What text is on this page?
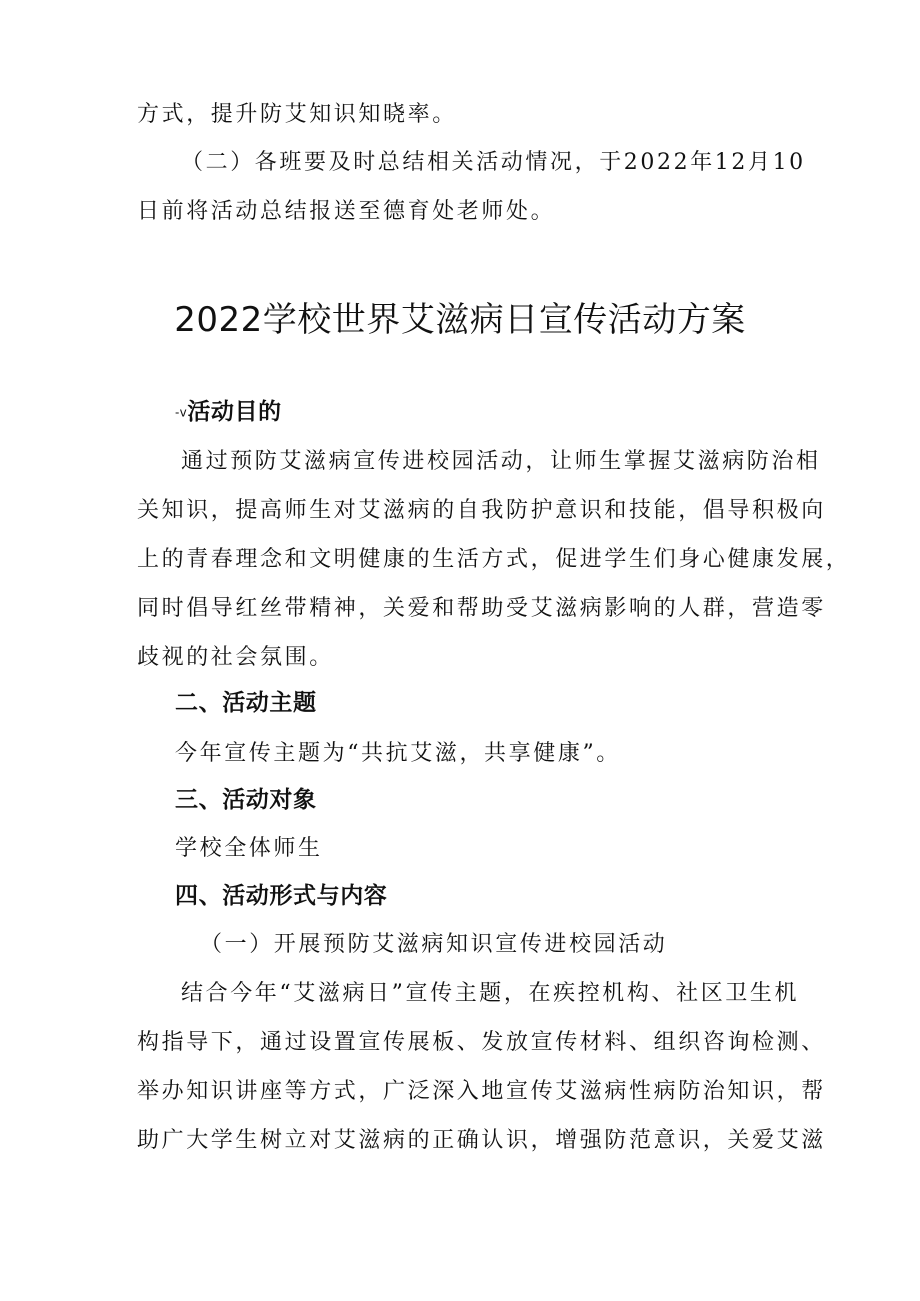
方式，提升防艾知识知晓率。

（二）各班要及时总结相关活动情况，于2022年12月10

日前将活动总结报送至德育处老师处。

2022学校世界艾滋病日宣传活动方案
-v活动目的

通过预防艾滋病宣传进校园活动，让师生掌握艾滋病防治相

关知识，提高师生对艾滋病的自我防护意识和技能，倡导积极向

上的青春理念和文明健康的生活方式，促进学生们身心健康发展，

同时倡导红丝带精神，关爱和帮助受艾滋病影响的人群，营造零

歧视的社会氛围。

二、活动主题

今年宣传主题为“共抗艾滋，共享健康”。

三、活动对象

学校全体师生

四、活动形式与内容

（一）开展预防艾滋病知识宣传进校园活动

结合今年“艾滋病日”宣传主题，在疾控机构、社区卫生机

构指导下，通过设置宣传展板、发放宣传材料、组织咨询检测、

举办知识讲座等方式，广泛深入地宣传艾滋病性病防治知识，帮

助广大学生树立对艾滋病的正确认识，增强防范意识，关爱艾滋
